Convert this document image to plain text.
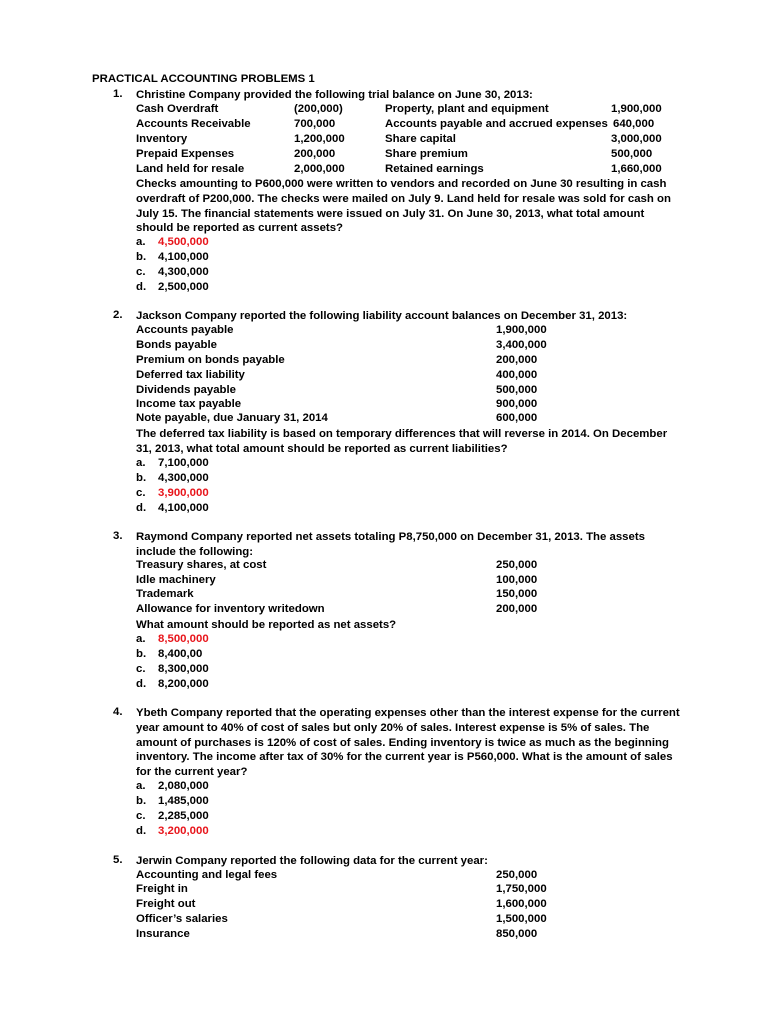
PRACTICAL ACCOUNTING PROBLEMS 1
1. Christine Company provided the following trial balance on June 30, 2013:
Cash Overdraft	(200,000)	Property, plant and equipment	1,900,000
Accounts Receivable	700,000	Accounts payable and accrued expenses 640,000
Inventory	1,200,000	Share capital	3,000,000
Prepaid Expenses	200,000	Share premium	500,000
Land held for resale	2,000,000	Retained earnings	1,660,000
Checks amounting to P600,000 were written to vendors and recorded on June 30 resulting in cash overdraft of P200,000. The checks were mailed on July 9. Land held for resale was sold for cash on July 15. The financial statements were issued on July 31. On June 30, 2013, what total amount should be reported as current assets?
a. 4,500,000
b. 4,100,000
c. 4,300,000
d. 2,500,000
2. Jackson Company reported the following liability account balances on December 31, 2013:
Accounts payable	1,900,000
Bonds payable	3,400,000
Premium on bonds payable	200,000
Deferred tax liability	400,000
Dividends payable	500,000
Income tax payable	900,000
Note payable, due January 31, 2014	600,000
The deferred tax liability is based on temporary differences that will reverse in 2014. On December 31, 2013, what total amount should be reported as current liabilities?
a. 7,100,000
b. 4,300,000
c. 3,900,000
d. 4,100,000
3. Raymond Company reported net assets totaling P8,750,000 on December 31, 2013. The assets include the following:
Treasury shares, at cost	250,000
Idle machinery	100,000
Trademark	150,000
Allowance for inventory writedown	200,000
What amount should be reported as net assets?
a. 8,500,000
b. 8,400,00
c. 8,300,000
d. 8,200,000
4. Ybeth Company reported that the operating expenses other than the interest expense for the current year amount to 40% of cost of sales but only 20% of sales. Interest expense is 5% of sales. The amount of purchases is 120% of cost of sales. Ending inventory is twice as much as the beginning inventory. The income after tax of 30% for the current year is P560,000. What is the amount of sales for the current year?
a. 2,080,000
b. 1,485,000
c. 2,285,000
d. 3,200,000
5. Jerwin Company reported the following data for the current year:
Accounting and legal fees	250,000
Freight in	1,750,000
Freight out	1,600,000
Officer’s salaries	1,500,000
Insurance	850,000
